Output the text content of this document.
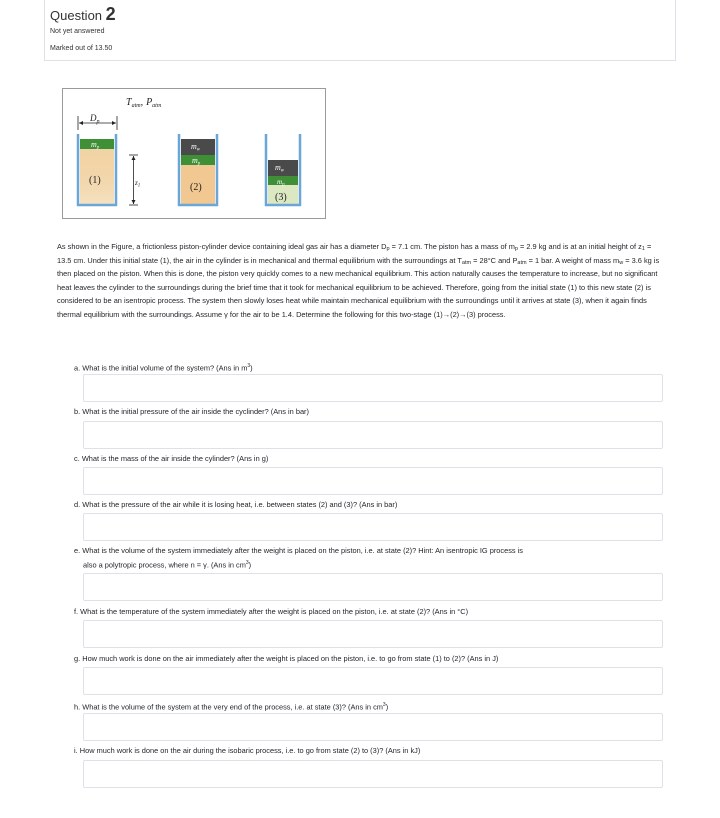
Question 2
Not yet answered
Marked out of 13.50
$T_{atm}$, $P_{atm}$
$D_p$
mp
(1)	$z_1$
mw
mp
(2)
mw
$m_p$
(3)
As shown in the Figure, a frictionless piston-cylinder device containing ideal gas air has a diameter $D_p = 7.1$ cm. The piston has a mass of $m_p = 2.9$ kg and is at an initial height of $z_1 = 13.5$ cm. Under this initial state (1), the air in the cylinder is in mechanical and thermal equilibrium with the surroundings at $T_{atm} = 28^\circ C$ and $P_{atm} = 1$ bar. A weight of mass $m_w = 3.6$ kg is then placed on the piston. When this is done, the piston very quickly comes to a new mechanical equilibrium. This action naturally causes the temperature to increase, but no significant heat leaves the cylinder to the surroundings during the brief time that it took for mechanical equilibrium to be achieved. Therefore, going from the initial state (1) to this new state (2) is considered to be an isentropic process. The system then slowly loses heat while maintain mechanical equilibrium with the surroundings until it arrives at state (3), when it again finds thermal equilibrium with the surroundings. Assume γ for the air to be 1.4. Determine the following for this two-stage (1)→(2)→(3) process.
a. What is the initial volume of the system? (Ans in $m^3$)
b. What is the initial pressure of the air inside the cyclinder? (Ans in bar)
c. What is the mass of the air inside the cylinder? (Ans in g)
d. What is the pressure of the air while it is losing heat, i.e. between states (2) and (3)? (Ans in bar)
e. What is the volume of the system immediately after the weight is placed on the piston, i.e. at state (2)? Hint: An isentropic IG process is
also a polytropic process, where n = γ. (Ans in $cm^3$)
f. What is the temperature of the system immediately after the weight is placed on the piston, i.e. at state (2)? (Ans in °C)
g. How much work is done on the air immediately after the weight is placed on the piston, i.e. to go from state (1) to (2)? (Ans in J)
h. What is the volume of the system at the very end of the process, i.e. at state (3)? (Ans in $cm^3$)
i. How much work is done on the air during the isobaric process, i.e. to go from state (2) to (3)? (Ans in kJ)
